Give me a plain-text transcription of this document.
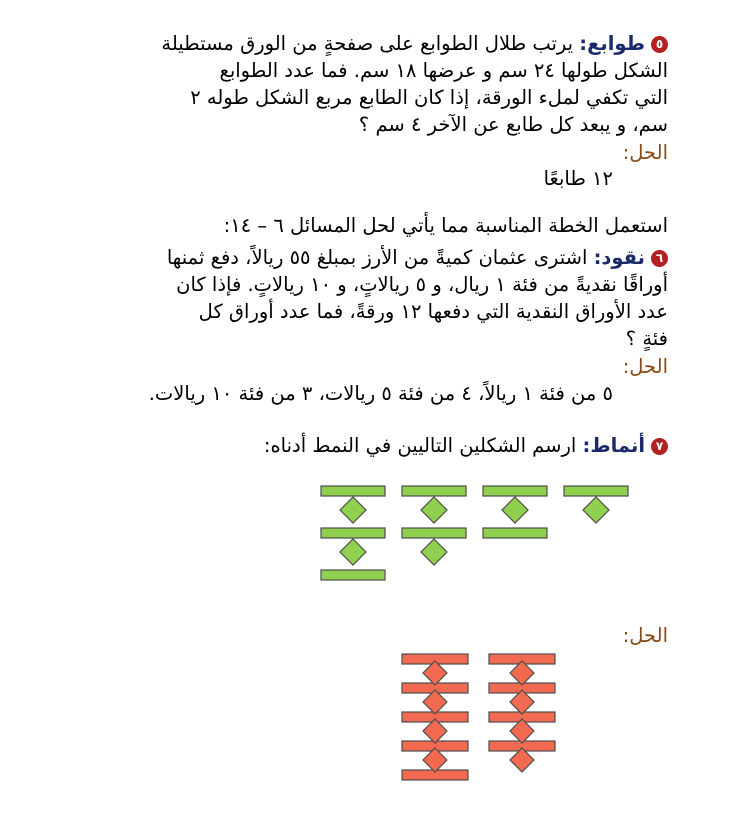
٥طوابع: يرتب طلال الطوابع على صفحةٍ من الورق مستطيلة
الشكل طولها ٢٤ سم و عرضها ١٨ سم. فما عدد الطوابع
التي تكفي لملء الورقة، إذا كان الطابع مربع الشكل طوله ٢
سم، و يبعد كل طابع عن الآخر ٤ سم ؟
الحل:
١٢ طابعًا
استعمل الخطة المناسبة مما يأتي لحل المسائل ٦ – ١٤:
٦نقود: اشترى عثمان كميةً من الأرز بمبلغ ٥٥ ريالاً، دفع ثمنها
أوراقًا نقديةً من فئة ١ ريال، و ٥ ريالاتٍ، و ١٠ ريالاتٍ. فإذا كان
عدد الأوراق النقدية التي دفعها ١٢ ورقةً، فما عدد أوراق كل
فئةٍ ؟
الحل:
٥ من فئة ١ ريالاً، ٤ من فئة ٥ ريالات، ٣ من فئة ١٠ ريالات.
٧أنماط: ارسم الشكلين التاليين في النمط أدناه:
الحل:
